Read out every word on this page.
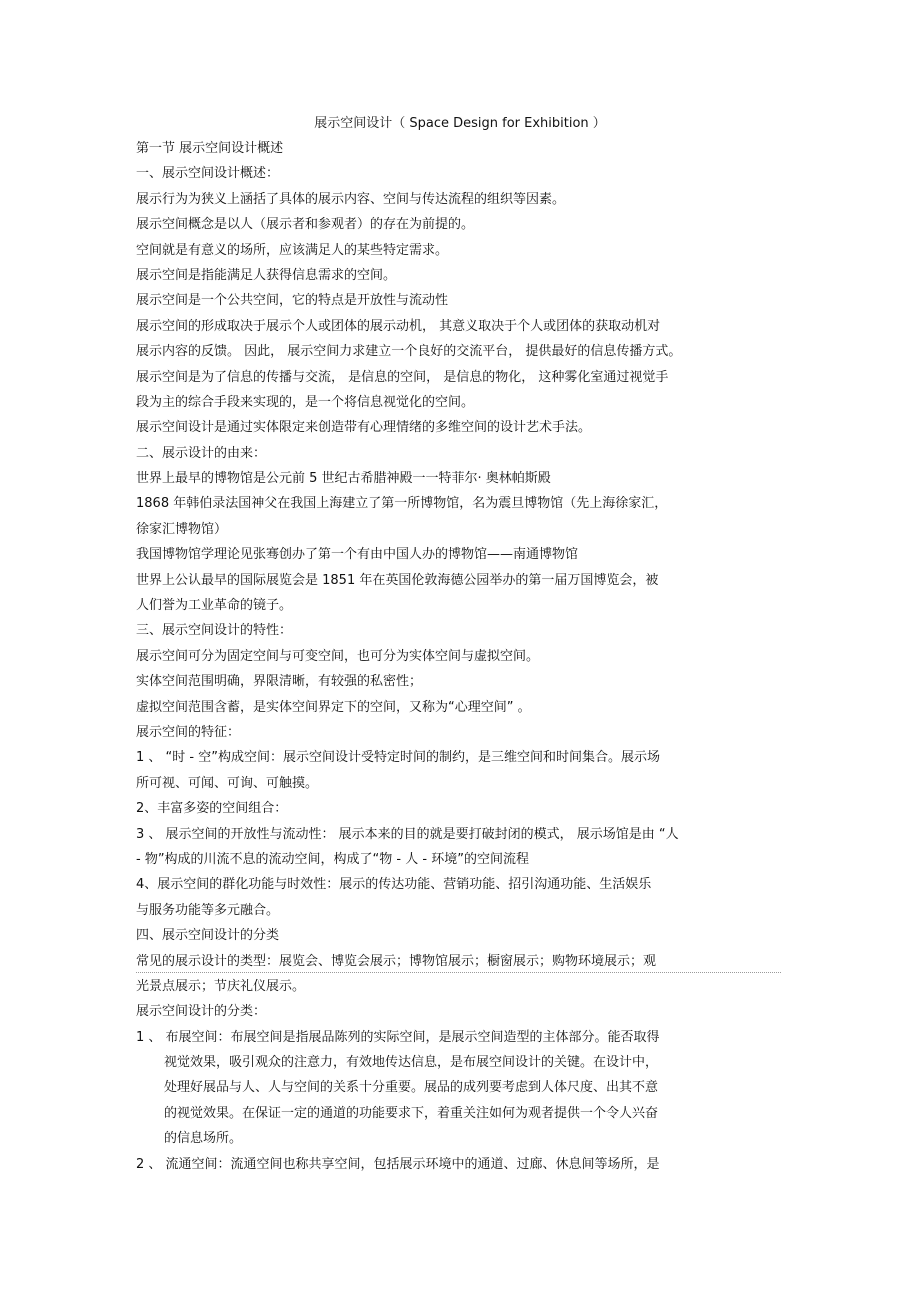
展示空间设计（ Space Design for Exhibition ）
第一节 展示空间设计概述
一、展示空间设计概述：
展示行为为狭义上涵括了具体的展示内容、空间与传达流程的组织等因素。
展示空间概念是以人（展示者和参观者）的存在为前提的。
空间就是有意义的场所，应该满足人的某些特定需求。
展示空间是指能满足人获得信息需求的空间。
展示空间是一个公共空间，它的特点是开放性与流动性
展示空间的形成取决于展示个人或团体的展示动机， 其意义取决于个人或团体的获取动机对
展示内容的反馈。 因此， 展示空间力求建立一个良好的交流平台， 提供最好的信息传播方式。
展示空间是为了信息的传播与交流， 是信息的空间， 是信息的物化， 这种雾化室通过视觉手
段为主的综合手段来实现的，是一个将信息视觉化的空间。
展示空间设计是通过实体限定来创造带有心理情绪的多维空间的设计艺术手法。
二、展示设计的由来：
世界上最早的博物馆是公元前 5 世纪古希腊神殿一一特菲尔· 奥林帕斯殿
1868 年韩伯录法国神父在我国上海建立了第一所博物馆，名为震旦博物馆（先上海徐家汇，
徐家汇博物馆）
我国博物馆学理论见张骞创办了第一个有由中国人办的博物馆——南通博物馆
世界上公认最早的国际展览会是 1851 年在英国伦敦海德公园举办的第一届万国博览会，被
人们誉为工业革命的镜子。
三、展示空间设计的特性：
展示空间可分为固定空间与可变空间，也可分为实体空间与虚拟空间。
实体空间范围明确，界限清晰，有较强的私密性；
虚拟空间范围含蓄，是实体空间界定下的空间，又称为“心理空间” 。
展示空间的特征：
1 、 “时 - 空”构成空间：展示空间设计受特定时间的制约，是三维空间和时间集合。展示场
所可视、可闻、可询、可触摸。
2、丰富多姿的空间组合：
3 、 展示空间的开放性与流动性： 展示本来的目的就是要打破封闭的模式， 展示场馆是由 “人
- 物”构成的川流不息的流动空间，构成了“物 - 人 - 环境”的空间流程
4、展示空间的群化功能与时效性：展示的传达功能、营销功能、招引沟通功能、生活娱乐
与服务功能等多元融合。
四、展示空间设计的分类
常见的展示设计的类型：展览会、博览会展示；博物馆展示；橱窗展示；购物环境展示；观
光景点展示；节庆礼仪展示。
展示空间设计的分类：
1 、 布展空间：布展空间是指展品陈列的实际空间，是展示空间造型的主体部分。能否取得
视觉效果，吸引观众的注意力，有效地传达信息，是布展空间设计的关键。在设计中，
处理好展品与人、人与空间的关系十分重要。展品的成列要考虑到人体尺度、出其不意
的视觉效果。在保证一定的通道的功能要求下，着重关注如何为观者提供一个令人兴奋
的信息场所。
2 、 流通空间：流通空间也称共享空间，包括展示环境中的通道、过廊、休息间等场所，是
